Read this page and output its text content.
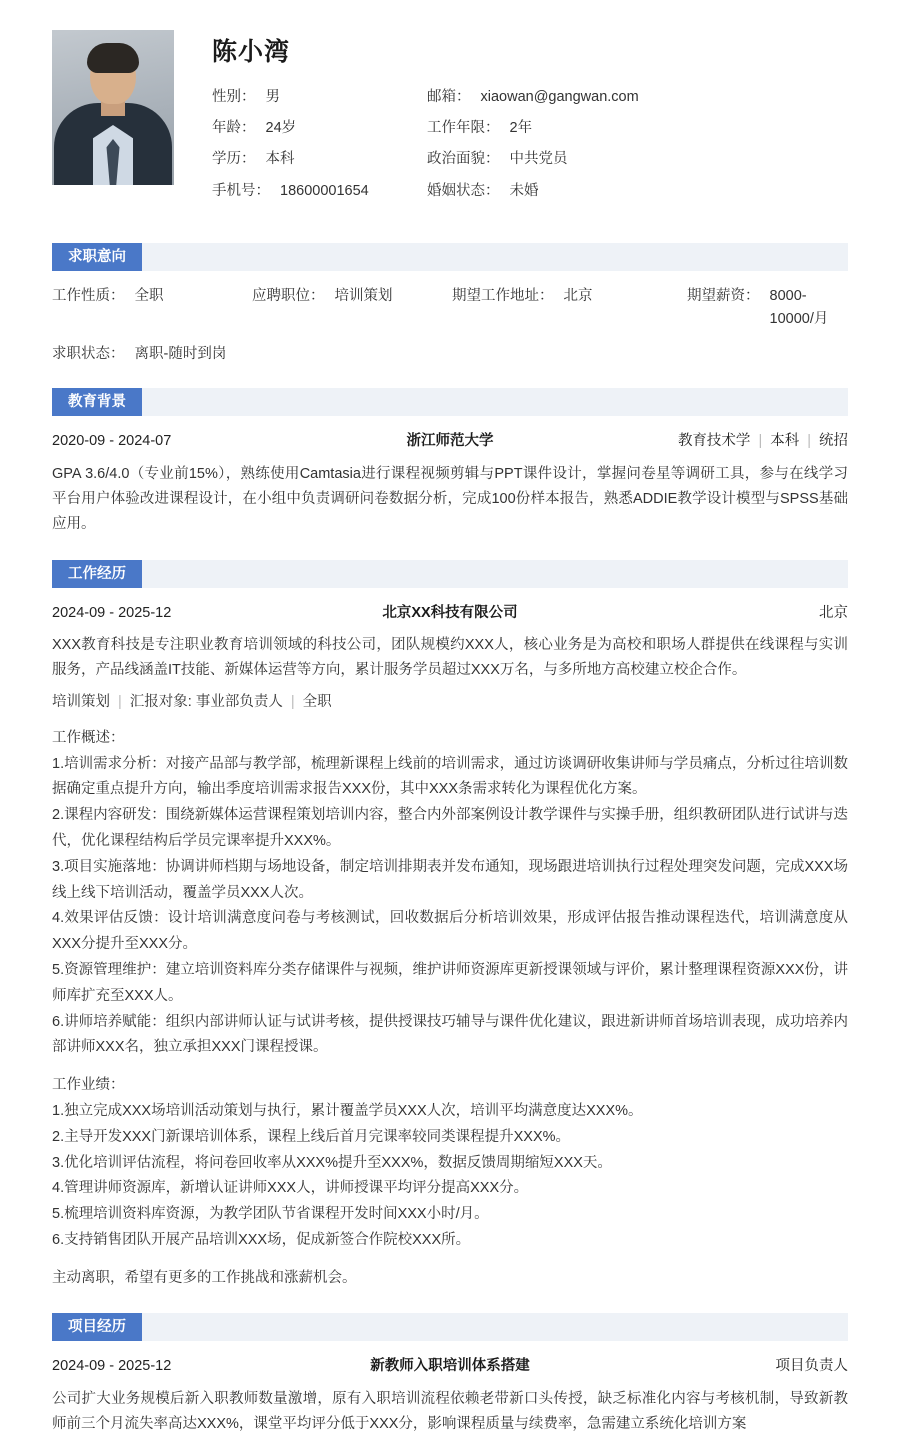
陈小湾
性别： 男	邮箱： xiaowan@gangwan.com
年龄： 24岁	工作年限： 2年
学历： 本科	政治面貌： 中共党员
手机号： 18600001654	婚姻状态： 未婚
求职意向
工作性质： 全职	应聘职位： 培训策划	期望工作地址： 北京	期望薪资： 8000-10000/月
求职状态： 离职-随时到岗
教育背景
2020-09 - 2024-07	浙江师范大学	教育技术学 | 本科 | 统招
GPA 3.6/4.0（专业前15%），熟练使用Camtasia进行课程视频剪辑与PPT课件设计，掌握问卷星等调研工具，参与在线学习平台用户体验改进课程设计，在小组中负责调研问卷数据分析，完成100份样本报告，熟悉ADDIE教学设计模型与SPSS基础应用。
工作经历
2024-09 - 2025-12	北京XX科技有限公司	北京
XXX教育科技是专注职业教育培训领域的科技公司，团队规模约XXX人，核心业务是为高校和职场人群提供在线课程与实训服务，产品线涵盖IT技能、新媒体运营等方向，累计服务学员超过XXX万名，与多所地方高校建立校企合作。
培训策划 | 汇报对象: 事业部负责人 | 全职
工作概述：
1.培训需求分析：对接产品部与教学部，梳理新课程上线前的培训需求，通过访谈调研收集讲师与学员痛点，分析过往培训数据确定重点提升方向，输出季度培训需求报告XXX份，其中XXX条需求转化为课程优化方案。
2.课程内容研发：围绕新媒体运营课程策划培训内容，整合内外部案例设计教学课件与实操手册，组织教研团队进行试讲与迭代，优化课程结构后学员完课率提升XXX%。
3.项目实施落地：协调讲师档期与场地设备，制定培训排期表并发布通知，现场跟进培训执行过程处理突发问题，完成XXX场线上线下培训活动，覆盖学员XXX人次。
4.效果评估反馈：设计培训满意度问卷与考核测试，回收数据后分析培训效果，形成评估报告推动课程迭代，培训满意度从XXX分提升至XXX分。
5.资源管理维护：建立培训资料库分类存储课件与视频，维护讲师资源库更新授课领域与评价，累计整理课程资源XXX份，讲师库扩充至XXX人。
6.讲师培养赋能：组织内部讲师认证与试讲考核，提供授课技巧辅导与课件优化建议，跟进新讲师首场培训表现，成功培养内部讲师XXX名，独立承担XXX门课程授课。
工作业绩：
1.独立完成XXX场培训活动策划与执行，累计覆盖学员XXX人次，培训平均满意度达XXX%。
2.主导开发XXX门新课培训体系，课程上线后首月完课率较同类课程提升XXX%。
3.优化培训评估流程，将问卷回收率从XXX%提升至XXX%，数据反馈周期缩短XXX天。
4.管理讲师资源库，新增认证讲师XXX人，讲师授课平均评分提高XXX分。
5.梳理培训资料库资源，为教学团队节省课程开发时间XXX小时/月。
6.支持销售团队开展产品培训XXX场，促成新签合作院校XXX所。
主动离职，希望有更多的工作挑战和涨薪机会。
项目经历
2024-09 - 2025-12	新教师入职培训体系搭建	项目负责人
公司扩大业务规模后新入职教师数量激增，原有入职培训流程依赖老带新口头传授，缺乏标准化内容与考核机制，导致新教师前三个月流失率高达XXX%，课堂平均评分低于XXX分，影响课程质量与续费率，急需建立系统化培训方案
